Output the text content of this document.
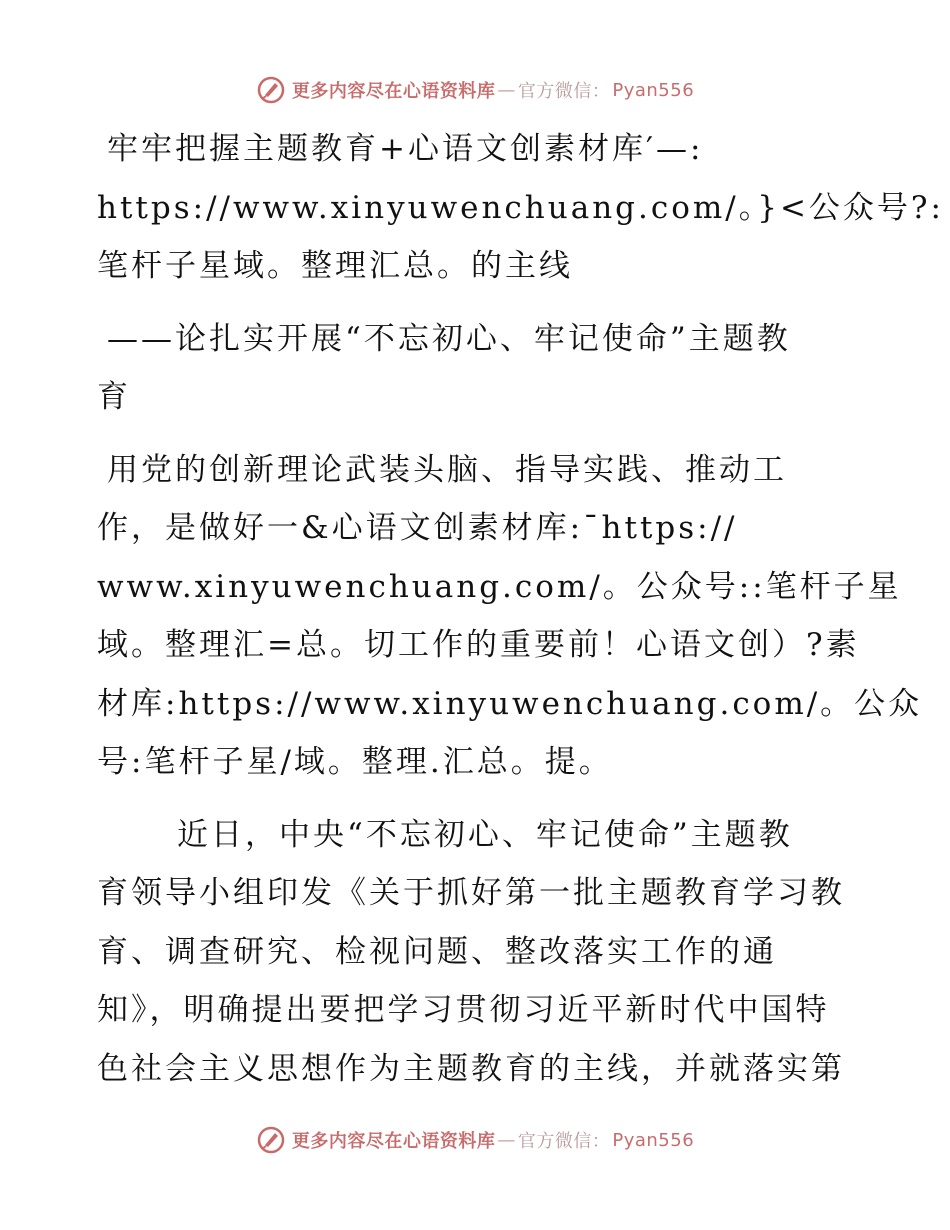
更多内容尽在心语资料库 — 官方微信： Pyan556
牢牢把握主题教育+心语文创素材库′—:
https://www.xinyuwenchuang.com/。}<公众号?:
笔杆子星域。整理汇总。的主线
——论扎实开展“不忘初心、牢记使命”主题教
育
用党的创新理论武装头脑、指导实践、推动工
作，是做好一&心语文创素材库:¯https://
www.xinyuwenchuang.com/。公众号::笔杆子星
域。整理汇=总。切工作的重要前！心语文创）?素
材库:https://www.xinyuwenchuang.com/。公众
号:笔杆子星/域。整理.汇总。提。
近日，中央“不忘初心、牢记使命”主题教
育领导小组印发《关于抓好第一批主题教育学习教
育、调查研究、检视问题、整改落实工作的通
知》，明确提出要把学习贯彻习近平新时代中国特
色社会主义思想作为主题教育的主线，并就落实第
更多内容尽在心语资料库 — 官方微信： Pyan556
